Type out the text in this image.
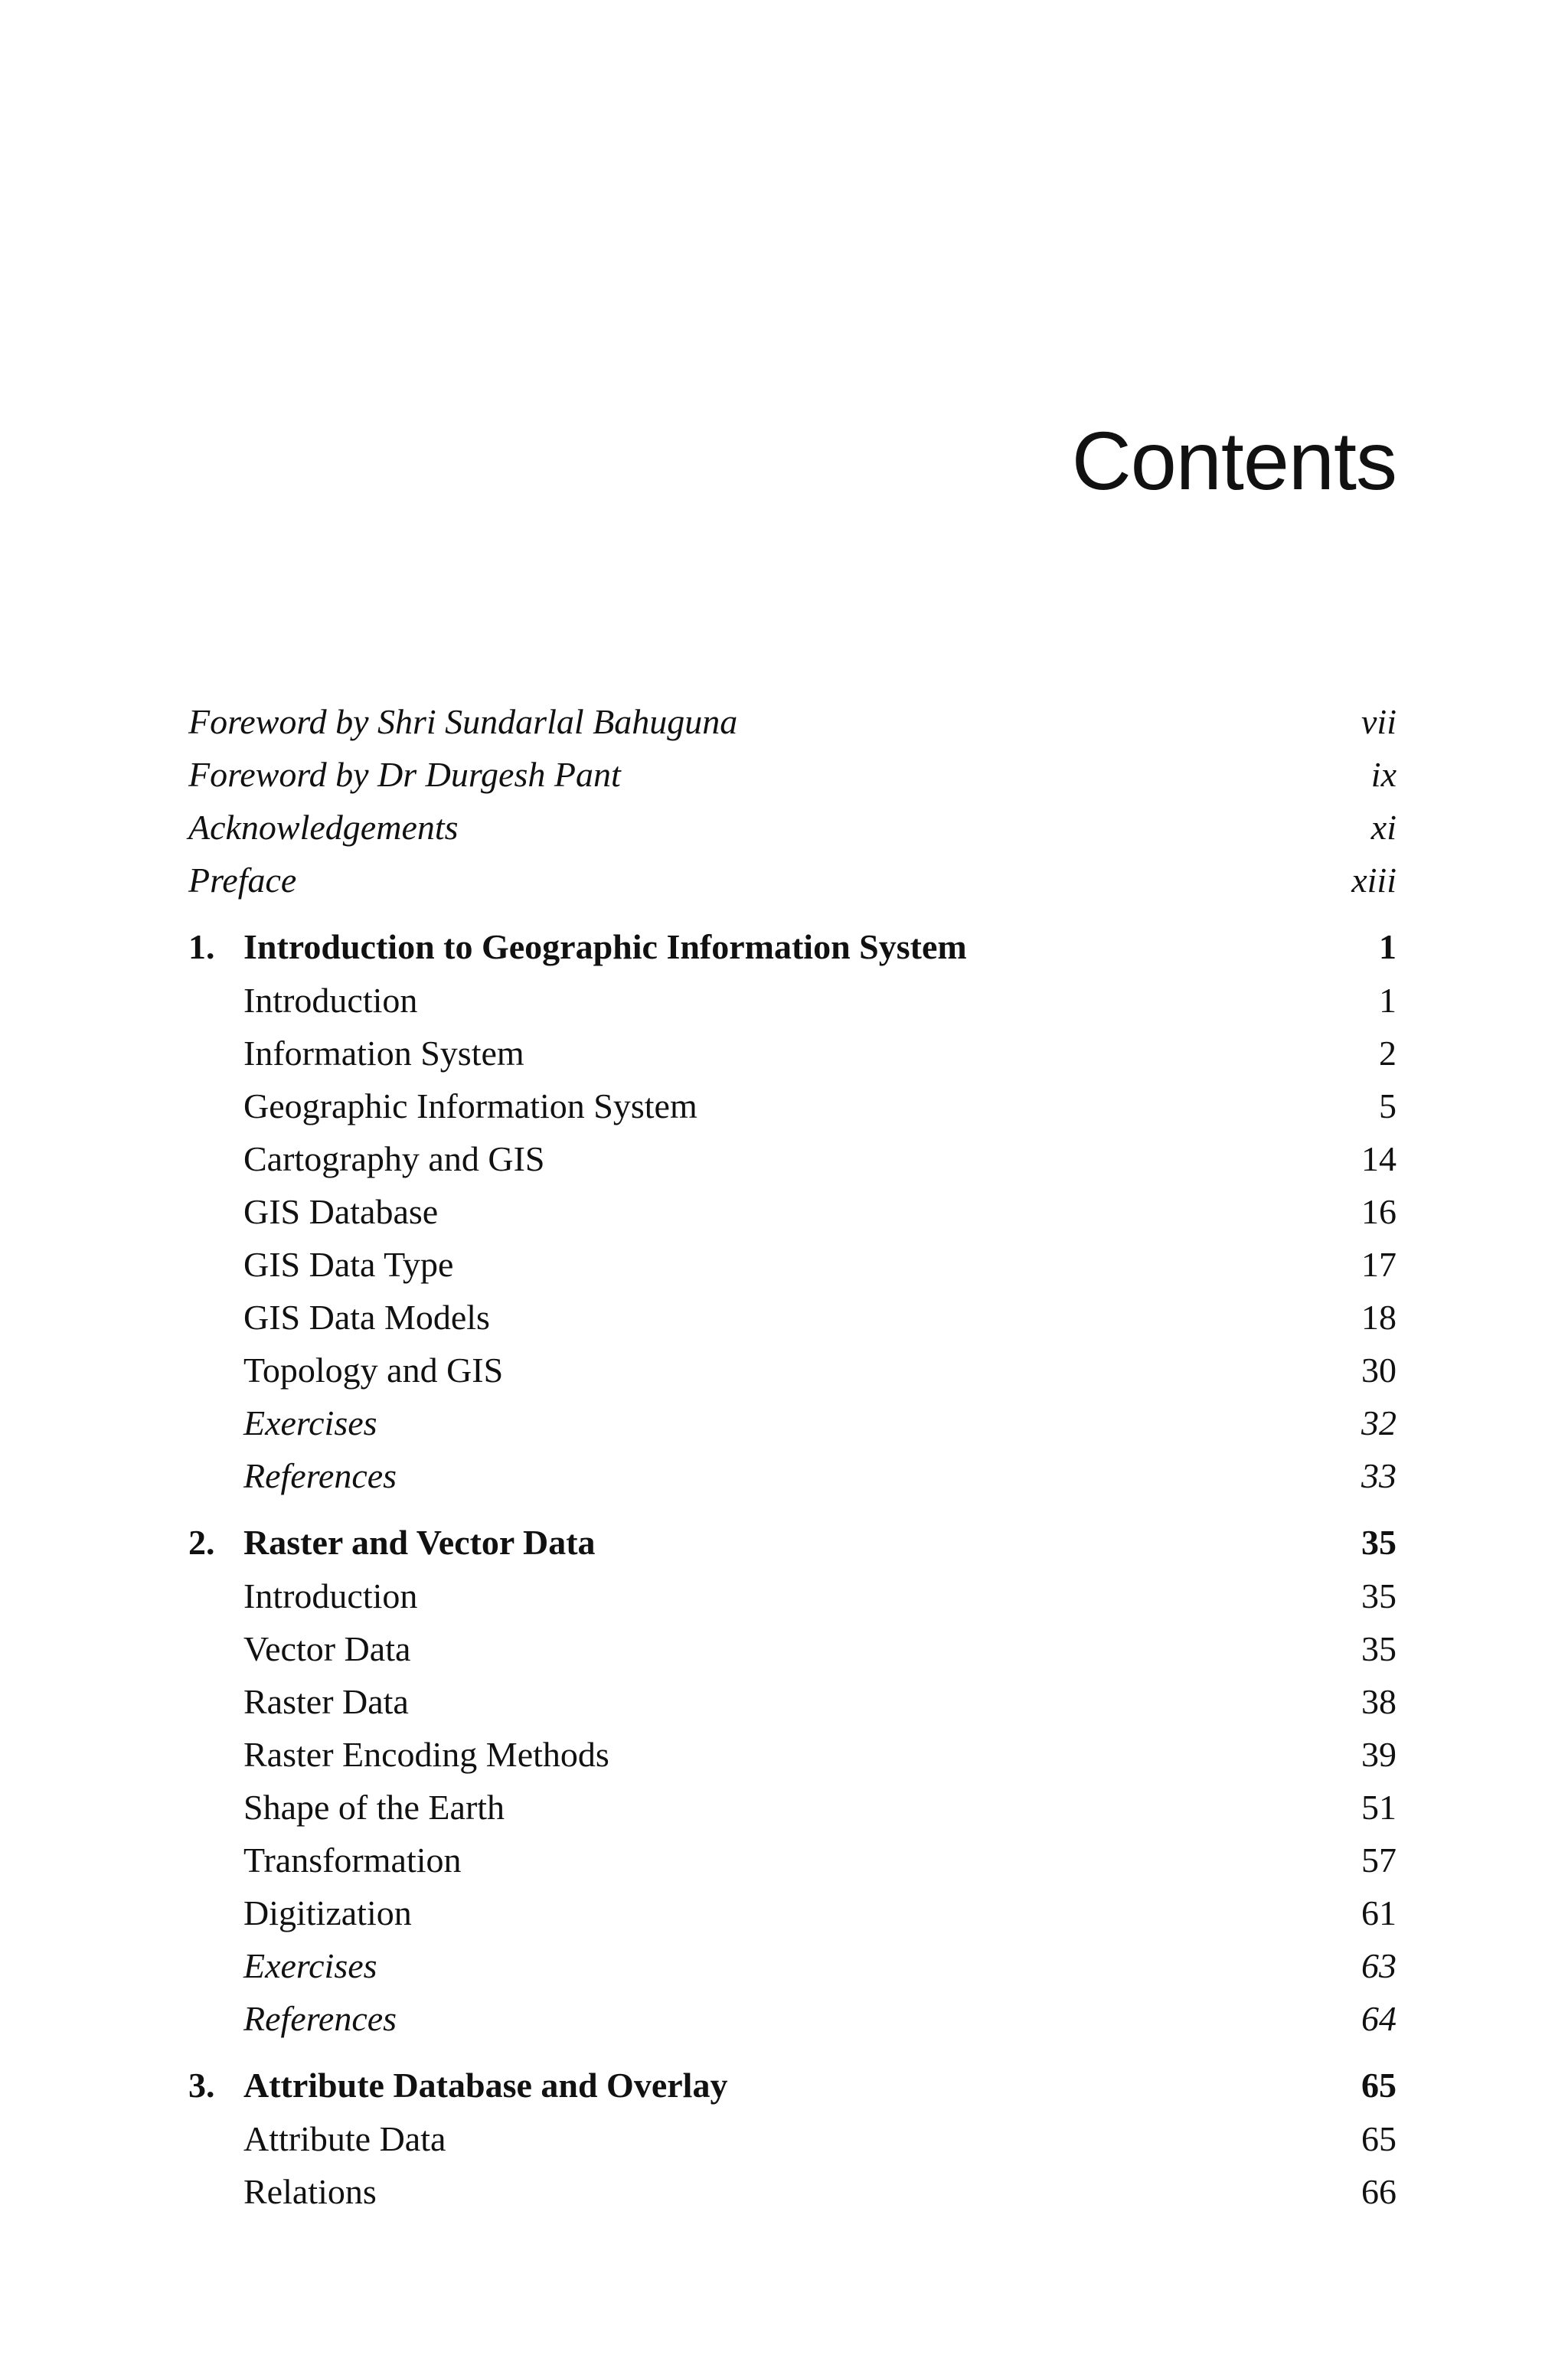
Contents
Foreword by Shri Sundarlal Bahuguna	vii
Foreword by Dr Durgesh Pant	ix
Acknowledgements	xi
Preface	xiii
1. Introduction to Geographic Information System	1
Introduction	1
Information System	2
Geographic Information System	5
Cartography and GIS	14
GIS Database	16
GIS Data Type	17
GIS Data Models	18
Topology and GIS	30
Exercises	32
References	33
2. Raster and Vector Data	35
Introduction	35
Vector Data	35
Raster Data	38
Raster Encoding Methods	39
Shape of the Earth	51
Transformation	57
Digitization	61
Exercises	63
References	64
3. Attribute Database and Overlay	65
Attribute Data	65
Relations	66
